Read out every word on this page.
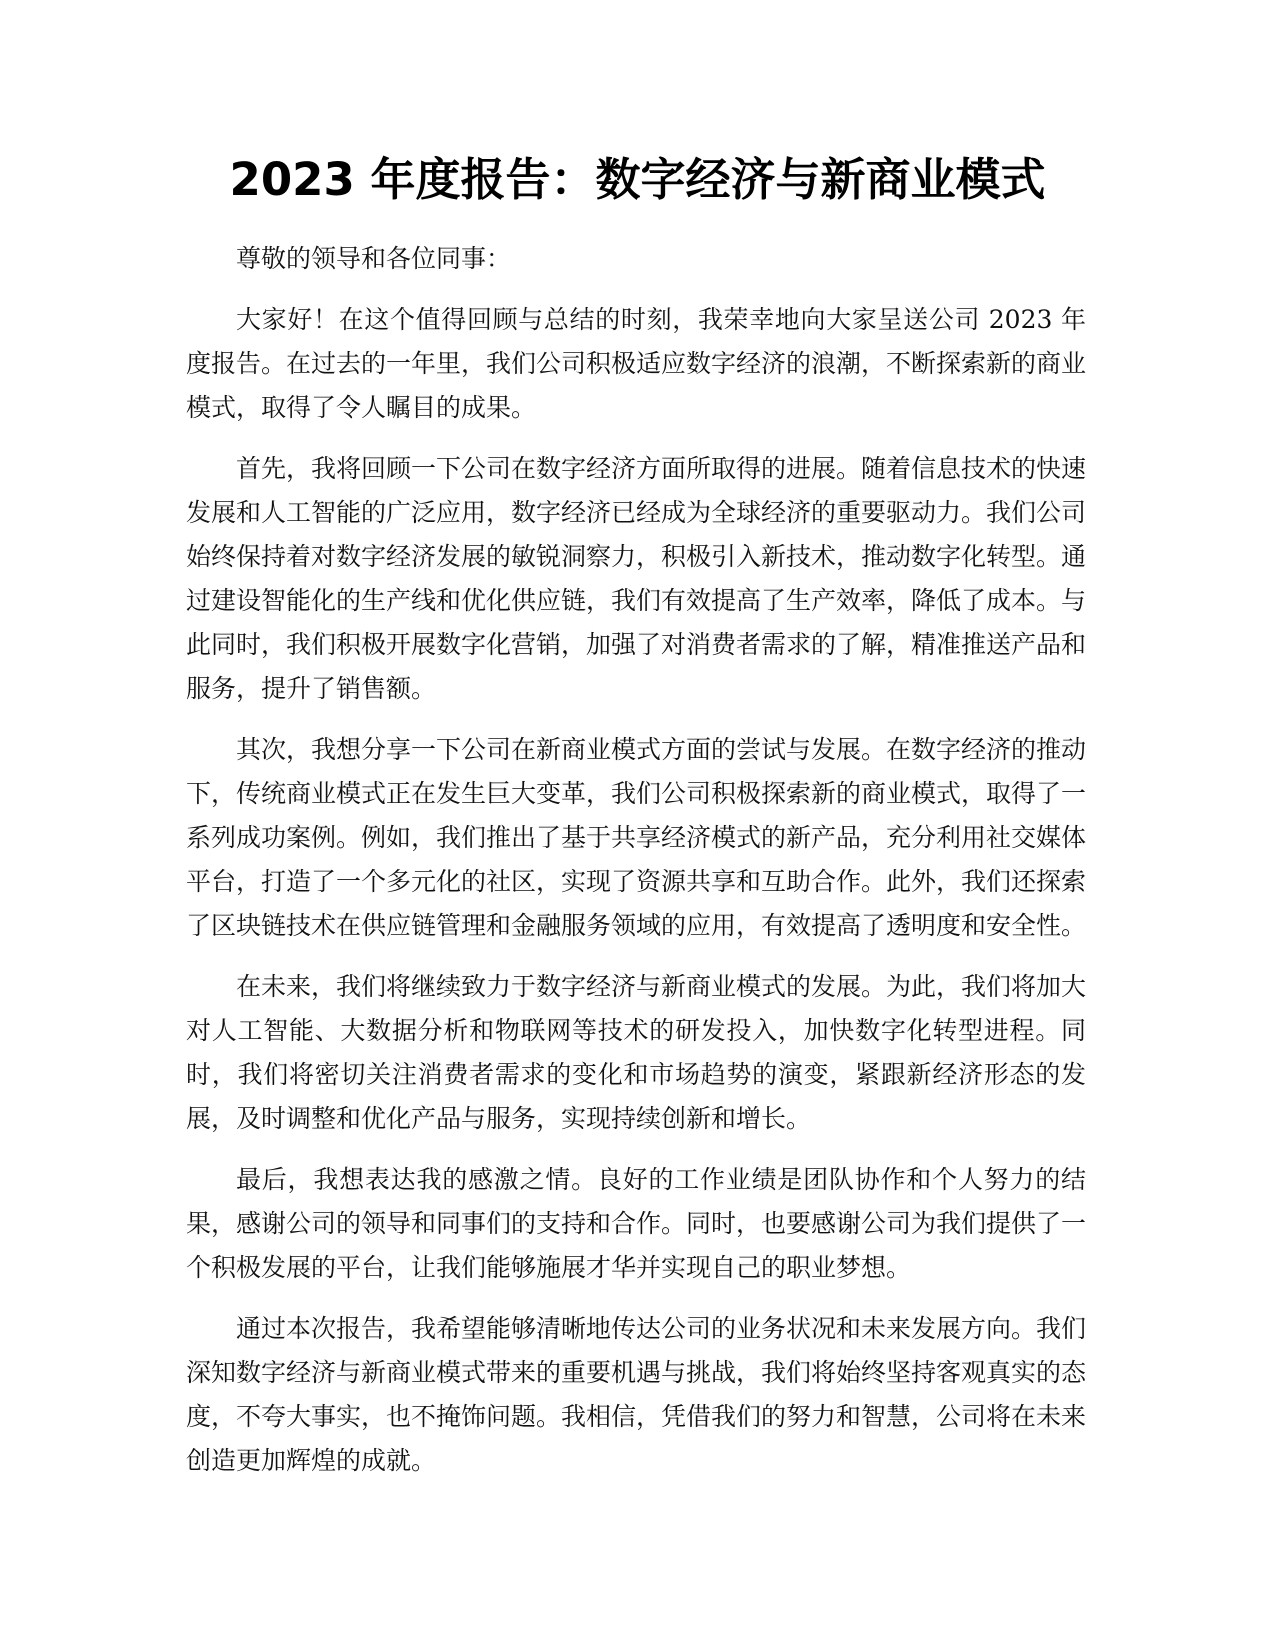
2023 年度报告：数字经济与新商业模式

尊敬的领导和各位同事：

大家好！在这个值得回顾与总结的时刻，我荣幸地向大家呈送公司 2023 年度报告。在过去的一年里，我们公司积极适应数字经济的浪潮，不断探索新的商业模式，取得了令人瞩目的成果。

首先，我将回顾一下公司在数字经济方面所取得的进展。随着信息技术的快速发展和人工智能的广泛应用，数字经济已经成为全球经济的重要驱动力。我们公司始终保持着对数字经济发展的敏锐洞察力，积极引入新技术，推动数字化转型。通过建设智能化的生产线和优化供应链，我们有效提高了生产效率，降低了成本。与此同时，我们积极开展数字化营销，加强了对消费者需求的了解，精准推送产品和服务，提升了销售额。

其次，我想分享一下公司在新商业模式方面的尝试与发展。在数字经济的推动下，传统商业模式正在发生巨大变革，我们公司积极探索新的商业模式，取得了一系列成功案例。例如，我们推出了基于共享经济模式的新产品，充分利用社交媒体平台，打造了一个多元化的社区，实现了资源共享和互助合作。此外，我们还探索了区块链技术在供应链管理和金融服务领域的应用，有效提高了透明度和安全性。

在未来，我们将继续致力于数字经济与新商业模式的发展。为此，我们将加大对人工智能、大数据分析和物联网等技术的研发投入，加快数字化转型进程。同时，我们将密切关注消费者需求的变化和市场趋势的演变，紧跟新经济形态的发展，及时调整和优化产品与服务，实现持续创新和增长。

最后，我想表达我的感激之情。良好的工作业绩是团队协作和个人努力的结果，感谢公司的领导和同事们的支持和合作。同时，也要感谢公司为我们提供了一个积极发展的平台，让我们能够施展才华并实现自己的职业梦想。

通过本次报告，我希望能够清晰地传达公司的业务状况和未来发展方向。我们深知数字经济与新商业模式带来的重要机遇与挑战，我们将始终坚持客观真实的态度，不夸大事实，也不掩饰问题。我相信，凭借我们的努力和智慧，公司将在未来创造更加辉煌的成就。
